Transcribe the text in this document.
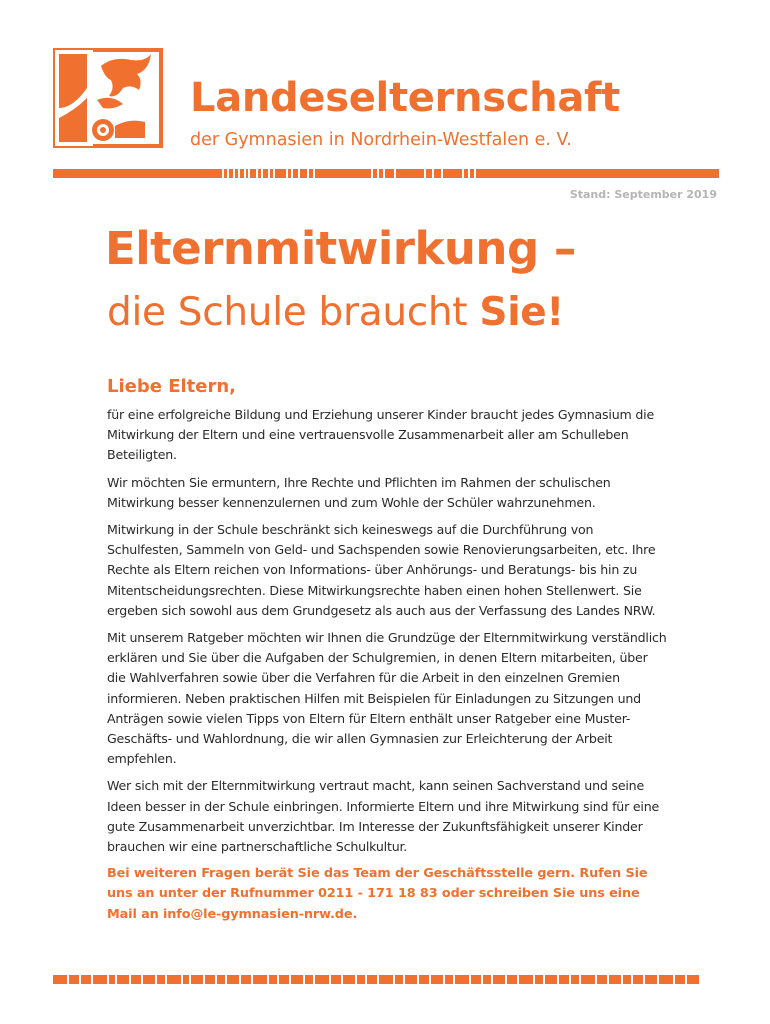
Landeselternschaft
der Gymnasien in Nordrhein-Westfalen e. V.
Stand: September 2019
Elternmitwirkung –
die Schule braucht Sie!
Liebe Eltern,

für eine erfolgreiche Bildung und Erziehung unserer Kinder braucht jedes Gymnasium die Mitwirkung der Eltern und eine vertrauensvolle Zusammenarbeit aller am Schulleben Beteiligten.

Wir möchten Sie ermuntern, Ihre Rechte und Pflichten im Rahmen der schulischen Mitwirkung besser kennenzulernen und zum Wohle der Schüler wahrzunehmen.

Mitwirkung in der Schule beschränkt sich keineswegs auf die Durchführung von Schulfesten, Sammeln von Geld- und Sachspenden sowie Renovierungsarbeiten, etc. Ihre Rechte als Eltern reichen von Informations- über Anhörungs- und Beratungs- bis hin zu Mitentscheidungsrechten. Diese Mitwirkungsrechte haben einen hohen Stellenwert. Sie ergeben sich sowohl aus dem Grundgesetz als auch aus der Verfassung des Landes NRW.

Mit unserem Ratgeber möchten wir Ihnen die Grundzüge der Elternmitwirkung verständlich erklären und Sie über die Aufgaben der Schulgremien, in denen Eltern mitarbeiten, über die Wahlverfahren sowie über die Verfahren für die Arbeit in den einzelnen Gremien informieren. Neben praktischen Hilfen mit Beispielen für Einladungen zu Sitzungen und Anträgen sowie vielen Tipps von Eltern für Eltern enthält unser Ratgeber eine Muster-Geschäfts- und Wahlordnung, die wir allen Gymnasien zur Erleichterung der Arbeit empfehlen.

Wer sich mit der Elternmitwirkung vertraut macht, kann seinen Sachverstand und seine Ideen besser in der Schule einbringen. Informierte Eltern und ihre Mitwirkung sind für eine gute Zusammenarbeit unverzichtbar. Im Interesse der Zukunftsfähigkeit unserer Kinder brauchen wir eine partnerschaftliche Schulkultur.

Bei weiteren Fragen berät Sie das Team der Geschäftsstelle gern. Rufen Sie uns an unter der Rufnummer 0211 - 171 18 83 oder schreiben Sie uns eine Mail an info@le-gymnasien-nrw.de.
